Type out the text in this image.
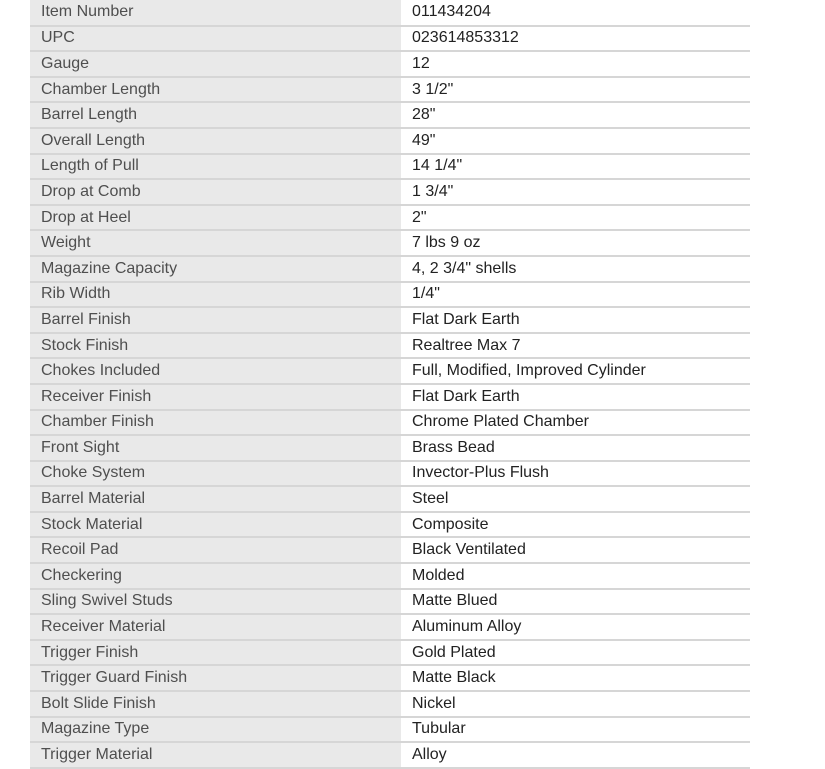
Item Number	011434204
UPC	023614853312
Gauge	12
Chamber Length	3 1/2"
Barrel Length	28"
Overall Length	49"
Length of Pull	14 1/4"
Drop at Comb	1 3/4"
Drop at Heel	2"
Weight	7 lbs 9 oz
Magazine Capacity	4, 2 3/4" shells
Rib Width	1/4"
Barrel Finish	Flat Dark Earth
Stock Finish	Realtree Max 7
Chokes Included	Full, Modified, Improved Cylinder
Receiver Finish	Flat Dark Earth
Chamber Finish	Chrome Plated Chamber
Front Sight	Brass Bead
Choke System	Invector-Plus Flush
Barrel Material	Steel
Stock Material	Composite
Recoil Pad	Black Ventilated
Checkering	Molded
Sling Swivel Studs	Matte Blued
Receiver Material	Aluminum Alloy
Trigger Finish	Gold Plated
Trigger Guard Finish	Matte Black
Bolt Slide Finish	Nickel
Magazine Type	Tubular
Trigger Material	Alloy
